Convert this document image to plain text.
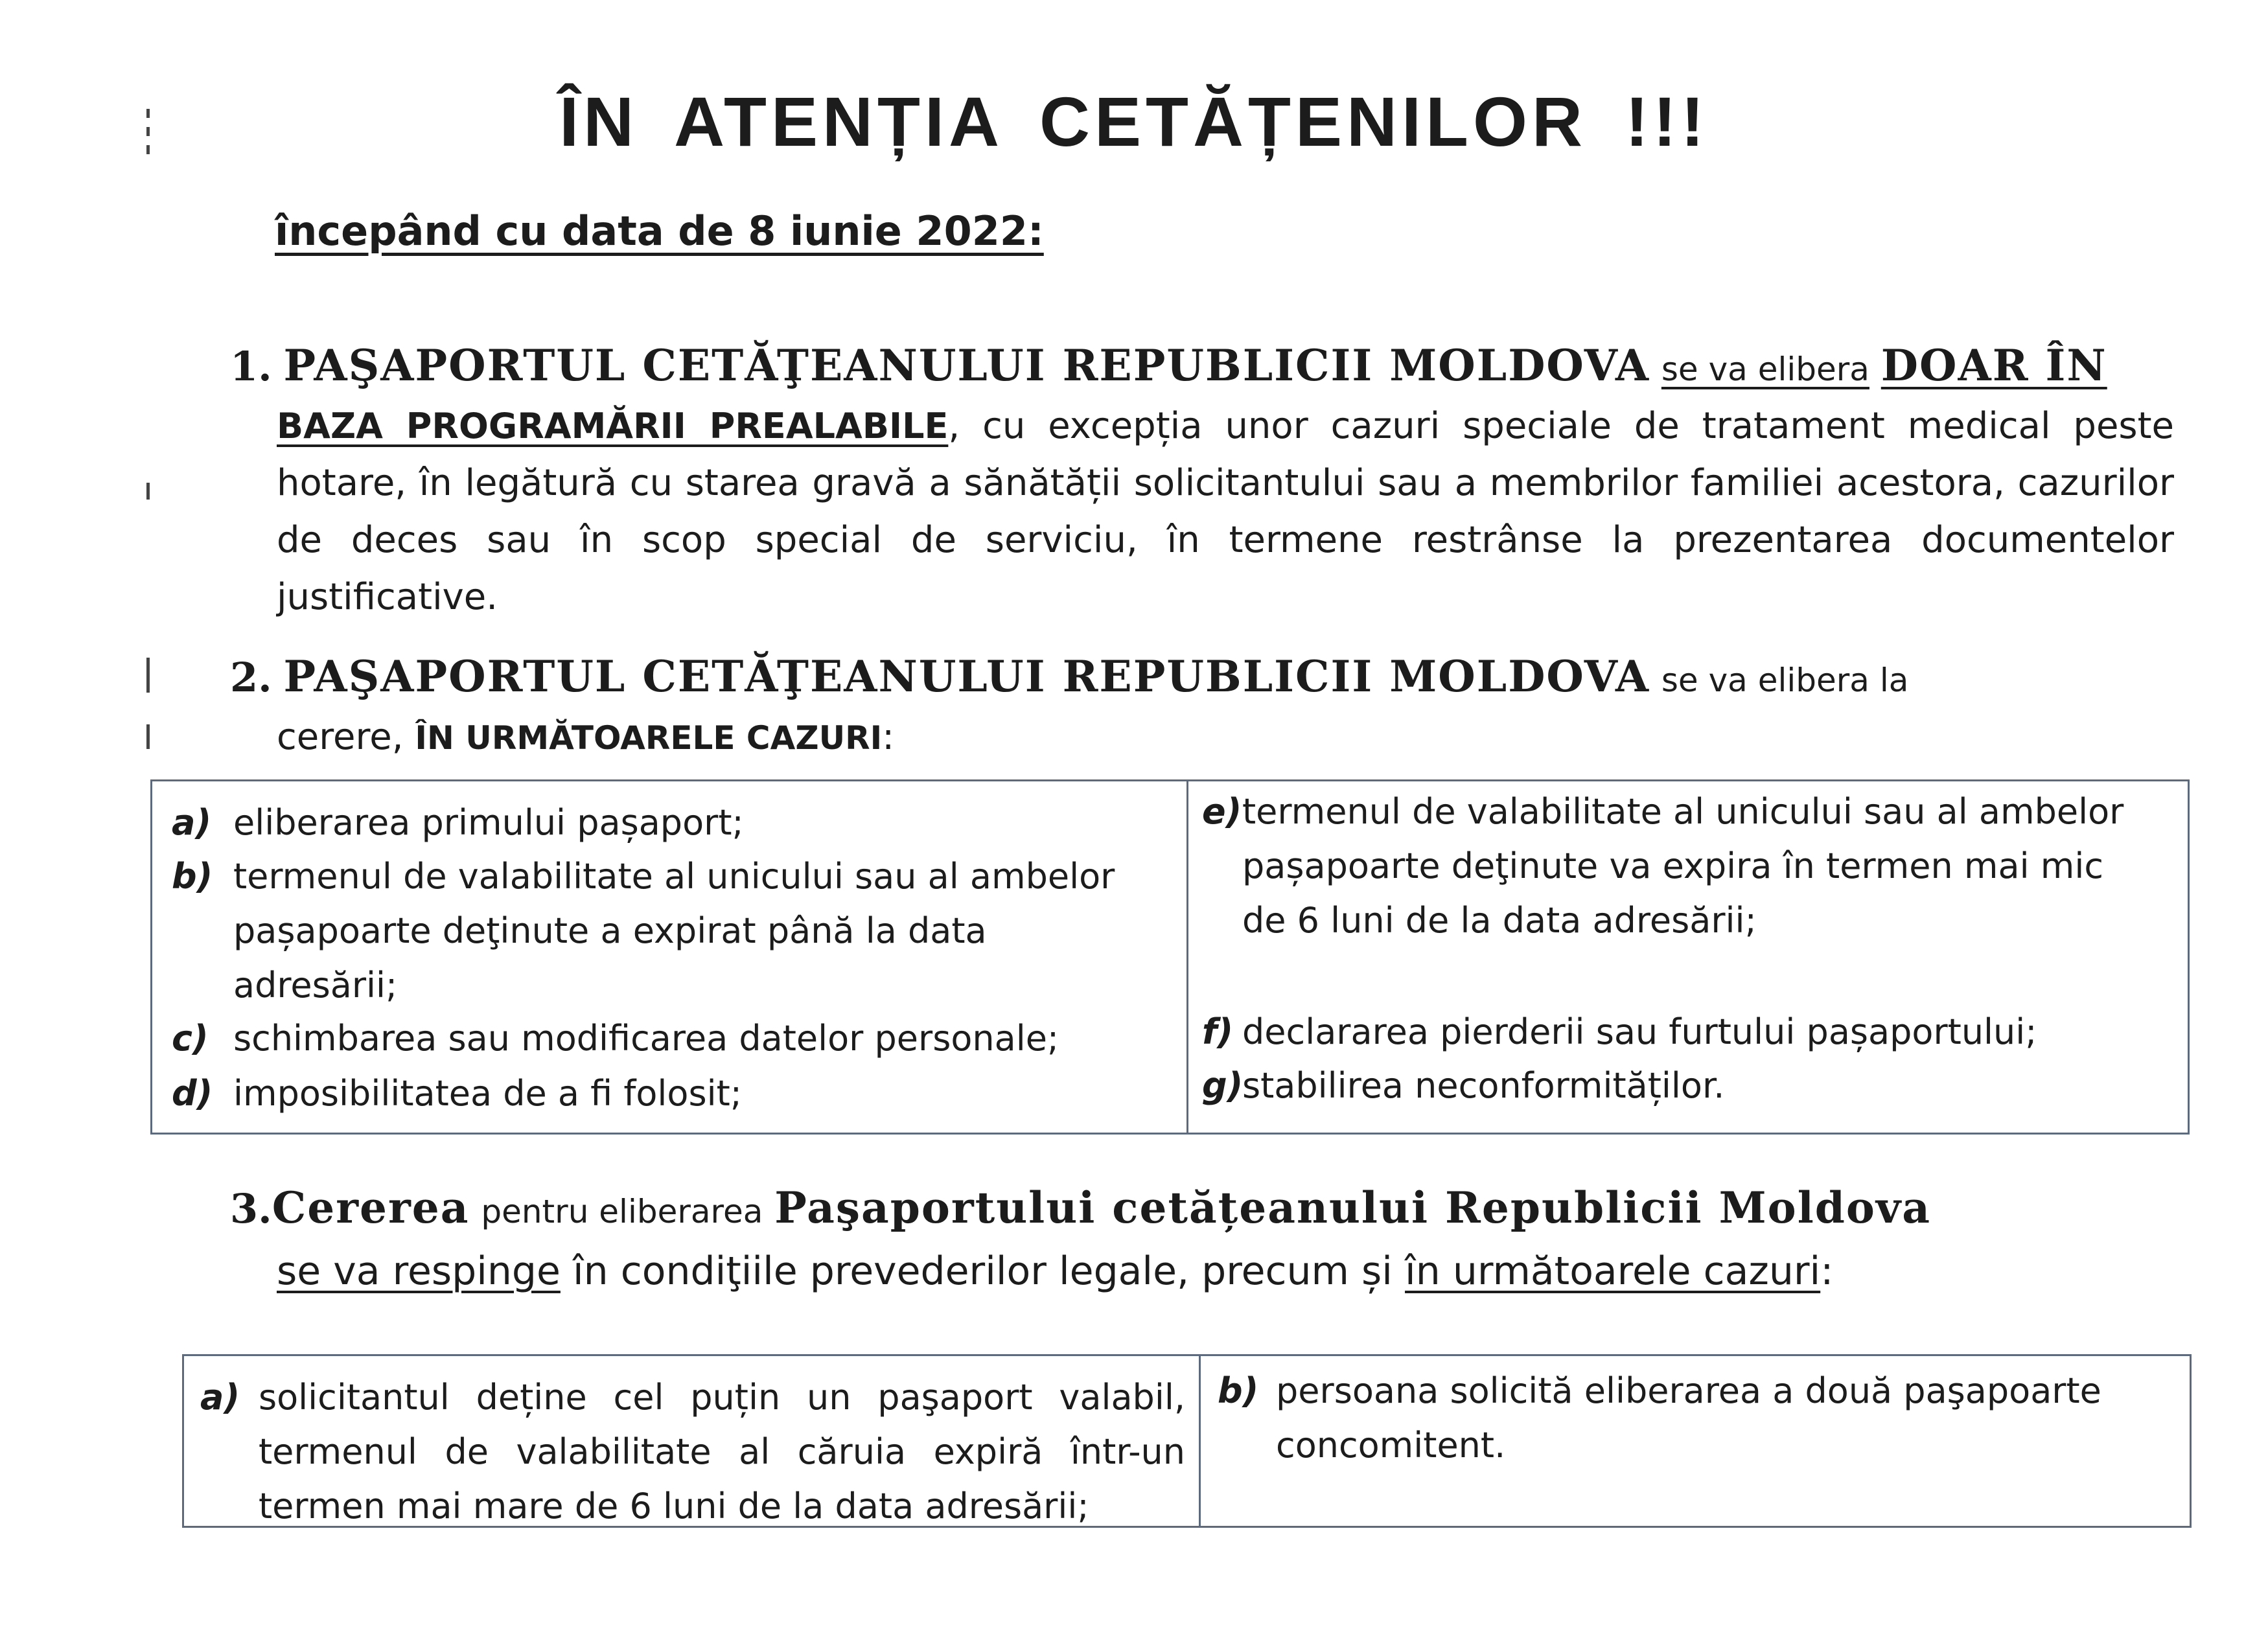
ÎN ATENȚIA CETĂȚENILOR !!!
începând cu data de 8 iunie 2022:
1. PAŞAPORTUL CETĂŢEANULUI REPUBLICII MOLDOVA se va elibera DOAR ÎN
BAZA PROGRAMĂRII PREALABILE, cu excepția unor cazuri speciale de tratament medical peste hotare, în legătură cu starea gravă a sănătății solicitantului sau a membrilor familiei acestora, cazurilor de deces sau în scop special de serviciu, în termene restrânse la prezentarea documentelor justificative.
2. PAŞAPORTUL CETĂŢEANULUI REPUBLICII MOLDOVA se va elibera la
cerere, ÎN URMĂTOARELE CAZURI:
a) eliberarea primului pașaport;
b) termenul de valabilitate al unicului sau al ambelor pașapoarte deţinute a expirat până la data adresării;
c) schimbarea sau modificarea datelor personale;
d) imposibilitatea de a fi folosit;
e) termenul de valabilitate al unicului sau al ambelor pașapoarte deţinute va expira în termen mai mic de 6 luni de la data adresării;
f) declararea pierderii sau furtului pașaportului;
g)
stabilirea neconformităților.
3.Cererea pentru eliberarea Paşaportului cetățeanului Republicii Moldova
se va respinge în condiţiile prevederilor legale, precum și în următoarele cazuri:
a) solicitantul deține cel puțin un paşaport valabil, termenul de valabilitate al căruia expiră într-un termen mai mare de 6 luni de la data adresării;
b) persoana solicită eliberarea a două paşapoarte concomitent.
